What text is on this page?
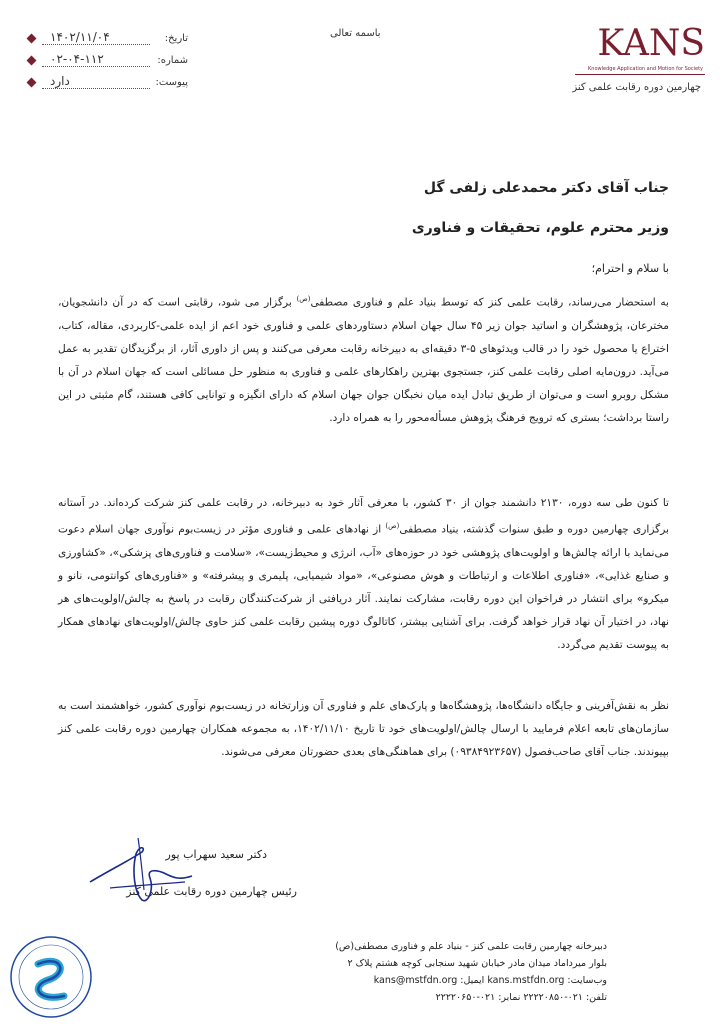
تاریخ:
۱۴۰۲/۱۱/۰۴
شماره:
۰۲-۰۴-۱۱۲
پیوست:
دارد
باسمه تعالی	KANS
Knowledge Application and Motion for Society
چهارمین دوره رقابت علمی کنز
جناب آقای دکتر محمدعلی زلفی گل
وزیر محترم علوم، تحقیقات و فناوری
با سلام و احترام؛

به استحضار می‌رساند، رقابت علمی کنز که توسط بنیاد علم و فناوری مصطفی$^{(ص)}$ برگزار می شود، رقابتی است که در آن دانشجویان، مخترعان، پژوهشگران و اساتید جوان زیر ۴۵ سال جهان اسلام دستاوردهای علمی و فناوری خود اعم از ایده علمی-کاربردی، مقاله، کتاب، اختراع یا محصول خود را در قالب ویدئوهای ۵-۳ دقیقه‌ای به دبیرخانه رقابت معرفی می‌کنند و پس از داوری آثار، از برگزیدگان تقدیر به عمل می‌آید. درون‌مایه اصلی رقابت علمی کنز، جستجوی بهترین راهکارهای علمی و فناوری به منظور حل مسائلی است که جهان اسلام در آن با مشکل روبرو است و می‌توان از طریق تبادل ایده میان نخبگان جوان جهان اسلام که دارای انگیزه و توانایی کافی هستند، گام مثبتی در این راستا برداشت؛ بستری که ترویج فرهنگ پژوهش مسأله‌محور را به همراه دارد.

تا کنون طی سه دوره، ۲۱۳۰ دانشمند جوان از ۳۰ کشور، با معرفی آثار خود به دبیرخانه، در رقابت علمی کنز شرکت کرده‌اند. در آستانه برگزاری چهارمین دوره و طبق سنوات گذشته، بنیاد مصطفی$^{(ص)}$ از نهادهای علمی و فناوری مؤثر در زیست‌بوم نوآوری جهان اسلام دعوت می‌نماید با ارائه چالش‌ها و اولویت‌های پژوهشی خود در حوزه‌های «آب، انرژی و محیط‌زیست»، «سلامت و فناوری‌های پزشکی»، «کشاورزی و صنایع غذایی»، «فناوری اطلاعات و ارتباطات و هوش مصنوعی»، «مواد شیمیایی، پلیمری و پیشرفته» و «فناوری‌های کوانتومی، نانو و میکرو» برای انتشار در فراخوان این دوره رقابت، مشارکت نمایند. آثار دریافتی از شرکت‌کنندگان رقابت در پاسخ به چالش/اولویت‌های هر نهاد، در اختیار آن نهاد قرار خواهد گرفت. برای آشنایی بیشتر، کاتالوگ دوره پیشین رقابت علمی کنز حاوی چالش/اولویت‌های نهادهای همکار به پیوست تقدیم می‌گردد.

نظر به نقش‌آفرینی و جایگاه دانشگاه‌ها، پژوهشگاه‌ها و پارک‌های علم و فناوری آن وزارتخانه در زیست‌بوم نوآوری کشور، خواهشمند است به سازمان‌های تابعه اعلام فرمایید با ارسال چالش/اولویت‌های خود تا تاریخ ۱۴۰۲/۱۱/۱۰، به مجموعه همکاران چهارمین دوره رقابت علمی کنز بپیوندند. جناب آقای صاحب‌فصول (۰۹۳۸۴۹۲۳۶۵۷) برای هماهنگی‌های بعدی حضورتان معرفی می‌شوند.

دکتر سعید سهراب پور
رئیس چهارمین دوره رقابت علمی کنز
دبیرخانه چهارمین رقابت علمی کنز - بنیاد علم و فناوری مصطفی(ص)
بلوار میرداماد میدان مادر خیابان شهید سنجابی کوچه هشتم پلاک ۲
وب‌سایت: kans.mstfdn.org ایمیل: kans@mstfdn.org
تلفن: ۰۲۱-۲۲۲۲۰۸۵۰ نمابر: ۰۲۱-۲۲۲۲۰۶۵۰
